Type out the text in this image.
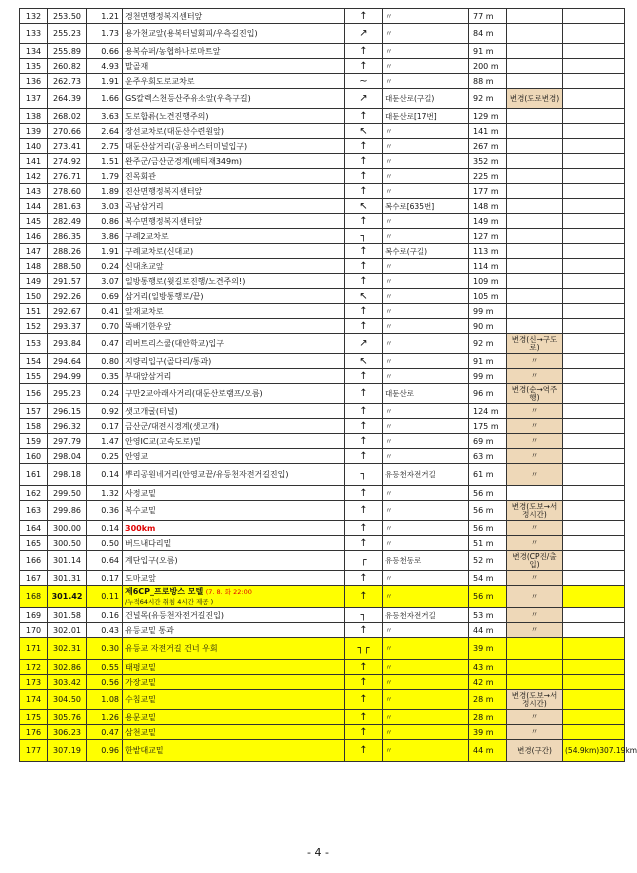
132	253.50	1.21	경천면행정복지센터앞	↑	〃	77 m		
133	255.23	1.73	용가천교앞(용복터널회피/우측길진입)	↗	〃	84 m		
134	255.89	0.66	용복슈퍼/농협하나로마트앞	↑	〃	91 m		
135	260.82	4.93	말골재	↑	〃	200 m		
136	262.73	1.91	운주우회도로교차로	~	〃	88 m		
137	264.39	1.66	GS칼렉스천등산주유소앞(우측구길)	↗	대둔산로(구길)	92 m	변경(도로변경)	
138	268.02	3.63	도로합류(노견진행주의)	↑	대둔산로[17번]	129 m		
139	270.66	2.64	장선교차로(대둔산수련원앞)	↖	〃	141 m		
140	273.41	2.75	대둔산삼거리(공용버스터미널입구)	↑	〃	267 m		
141	274.92	1.51	완주군/금산군경계(배티재349m)	↑	〃	352 m		
142	276.71	1.79	진목회관	↑	〃	225 m		
143	278.60	1.89	진산면행정복지센터앞	↑	〃	177 m		
144	281.63	3.03	곡남삼거리	↖	복수로[635번]	148 m		
145	282.49	0.86	복수면행정복지센터앞	↑	〃	149 m		
146	286.35	3.86	구례2교차로	┐	〃	127 m		
147	288.26	1.91	구례교차로(신대교)	↑	복수로(구길)	113 m		
148	288.50	0.24	신대초교앞	↑	〃	114 m		
149	291.57	3.07	일방통행로(윗길로진행/노견주의!)	↑	〃	109 m		
150	292.26	0.69	삼거리(일방통행로/끝)	↖	〃	105 m		
151	292.67	0.41	앞재교차로	↑	〃	99 m		
152	293.37	0.70	뚝배기한우앞	↑	〃	90 m		
153	293.84	0.47	리버트리스쿨(대안학교)입구	↗	〃	92 m	변경(신→구도로)	
154	294.64	0.80	지량리입구(골다리/통과)	↖	〃	91 m	〃	
155	294.99	0.35	부대앞삼거리	↑	〃	99 m	〃	
156	295.23	0.24	구만2교아래사거리(대둔산로램프/오름)	↑	대둔산로	96 m	변경(순→역주행)	
157	296.15	0.92	샛고개굴(터널)	↑	〃	124 m	〃	
158	296.32	0.17	금산군/대전시경계(샛고개)	↑	〃	175 m	〃	
159	297.79	1.47	안영IC교(고속도로)밑	↑	〃	69 m	〃	
160	298.04	0.25	안영교	↑	〃	63 m	〃	
161	298.18	0.14	뿌리공원네거리(안영교끝/유등천자전거길진입)	┐	유등천자전거길	61 m	〃	
162	299.50	1.32	사정교밑	↑	〃	56 m		
163	299.86	0.36	복수교밑	↑	〃	56 m	변경(도보→서정시간)	
164	300.00	0.14	300km	↑	〃	56 m	〃	
165	300.50	0.50	버드내다리밑	↑	〃	51 m	〃	
166	301.14	0.64	계단입구(오름)	┌	유등천동로	52 m	변경(CP진/출입)	
167	301.31	0.17	도마교앞	↑	〃	54 m	〃	
168	301.42	0.11	제6CP_프로방스 모텔 (7. 8. 화 22:00
/누적64시간 취침 4시간 제공 )	↑	〃	56 m	〃	
169	301.58	0.16	건널목(유등천자전거길진입)	┐	유등천자전거길	53 m	〃	
170	302.01	0.43	유등교밑 통과	↑	〃	44 m	〃	
171	302.31	0.30	유등교 자전거길 건너 우회	┐┌	〃	39 m		
172	302.86	0.55	태평교밑	↑	〃	43 m		
173	303.42	0.56	가장교밑	↑	〃	42 m		
174	304.50	1.08	수침교밑	↑	〃	28 m	변경(도보→서정시간)	
175	305.76	1.26	용문교밑	↑	〃	28 m	〃	
176	306.23	0.47	삼천교밑	↑	〃	39 m	〃	
177	307.19	0.96	한밭대교밑	↑	〃	44 m	변경(구간)	(54.9km)307.19km
- 4 -
